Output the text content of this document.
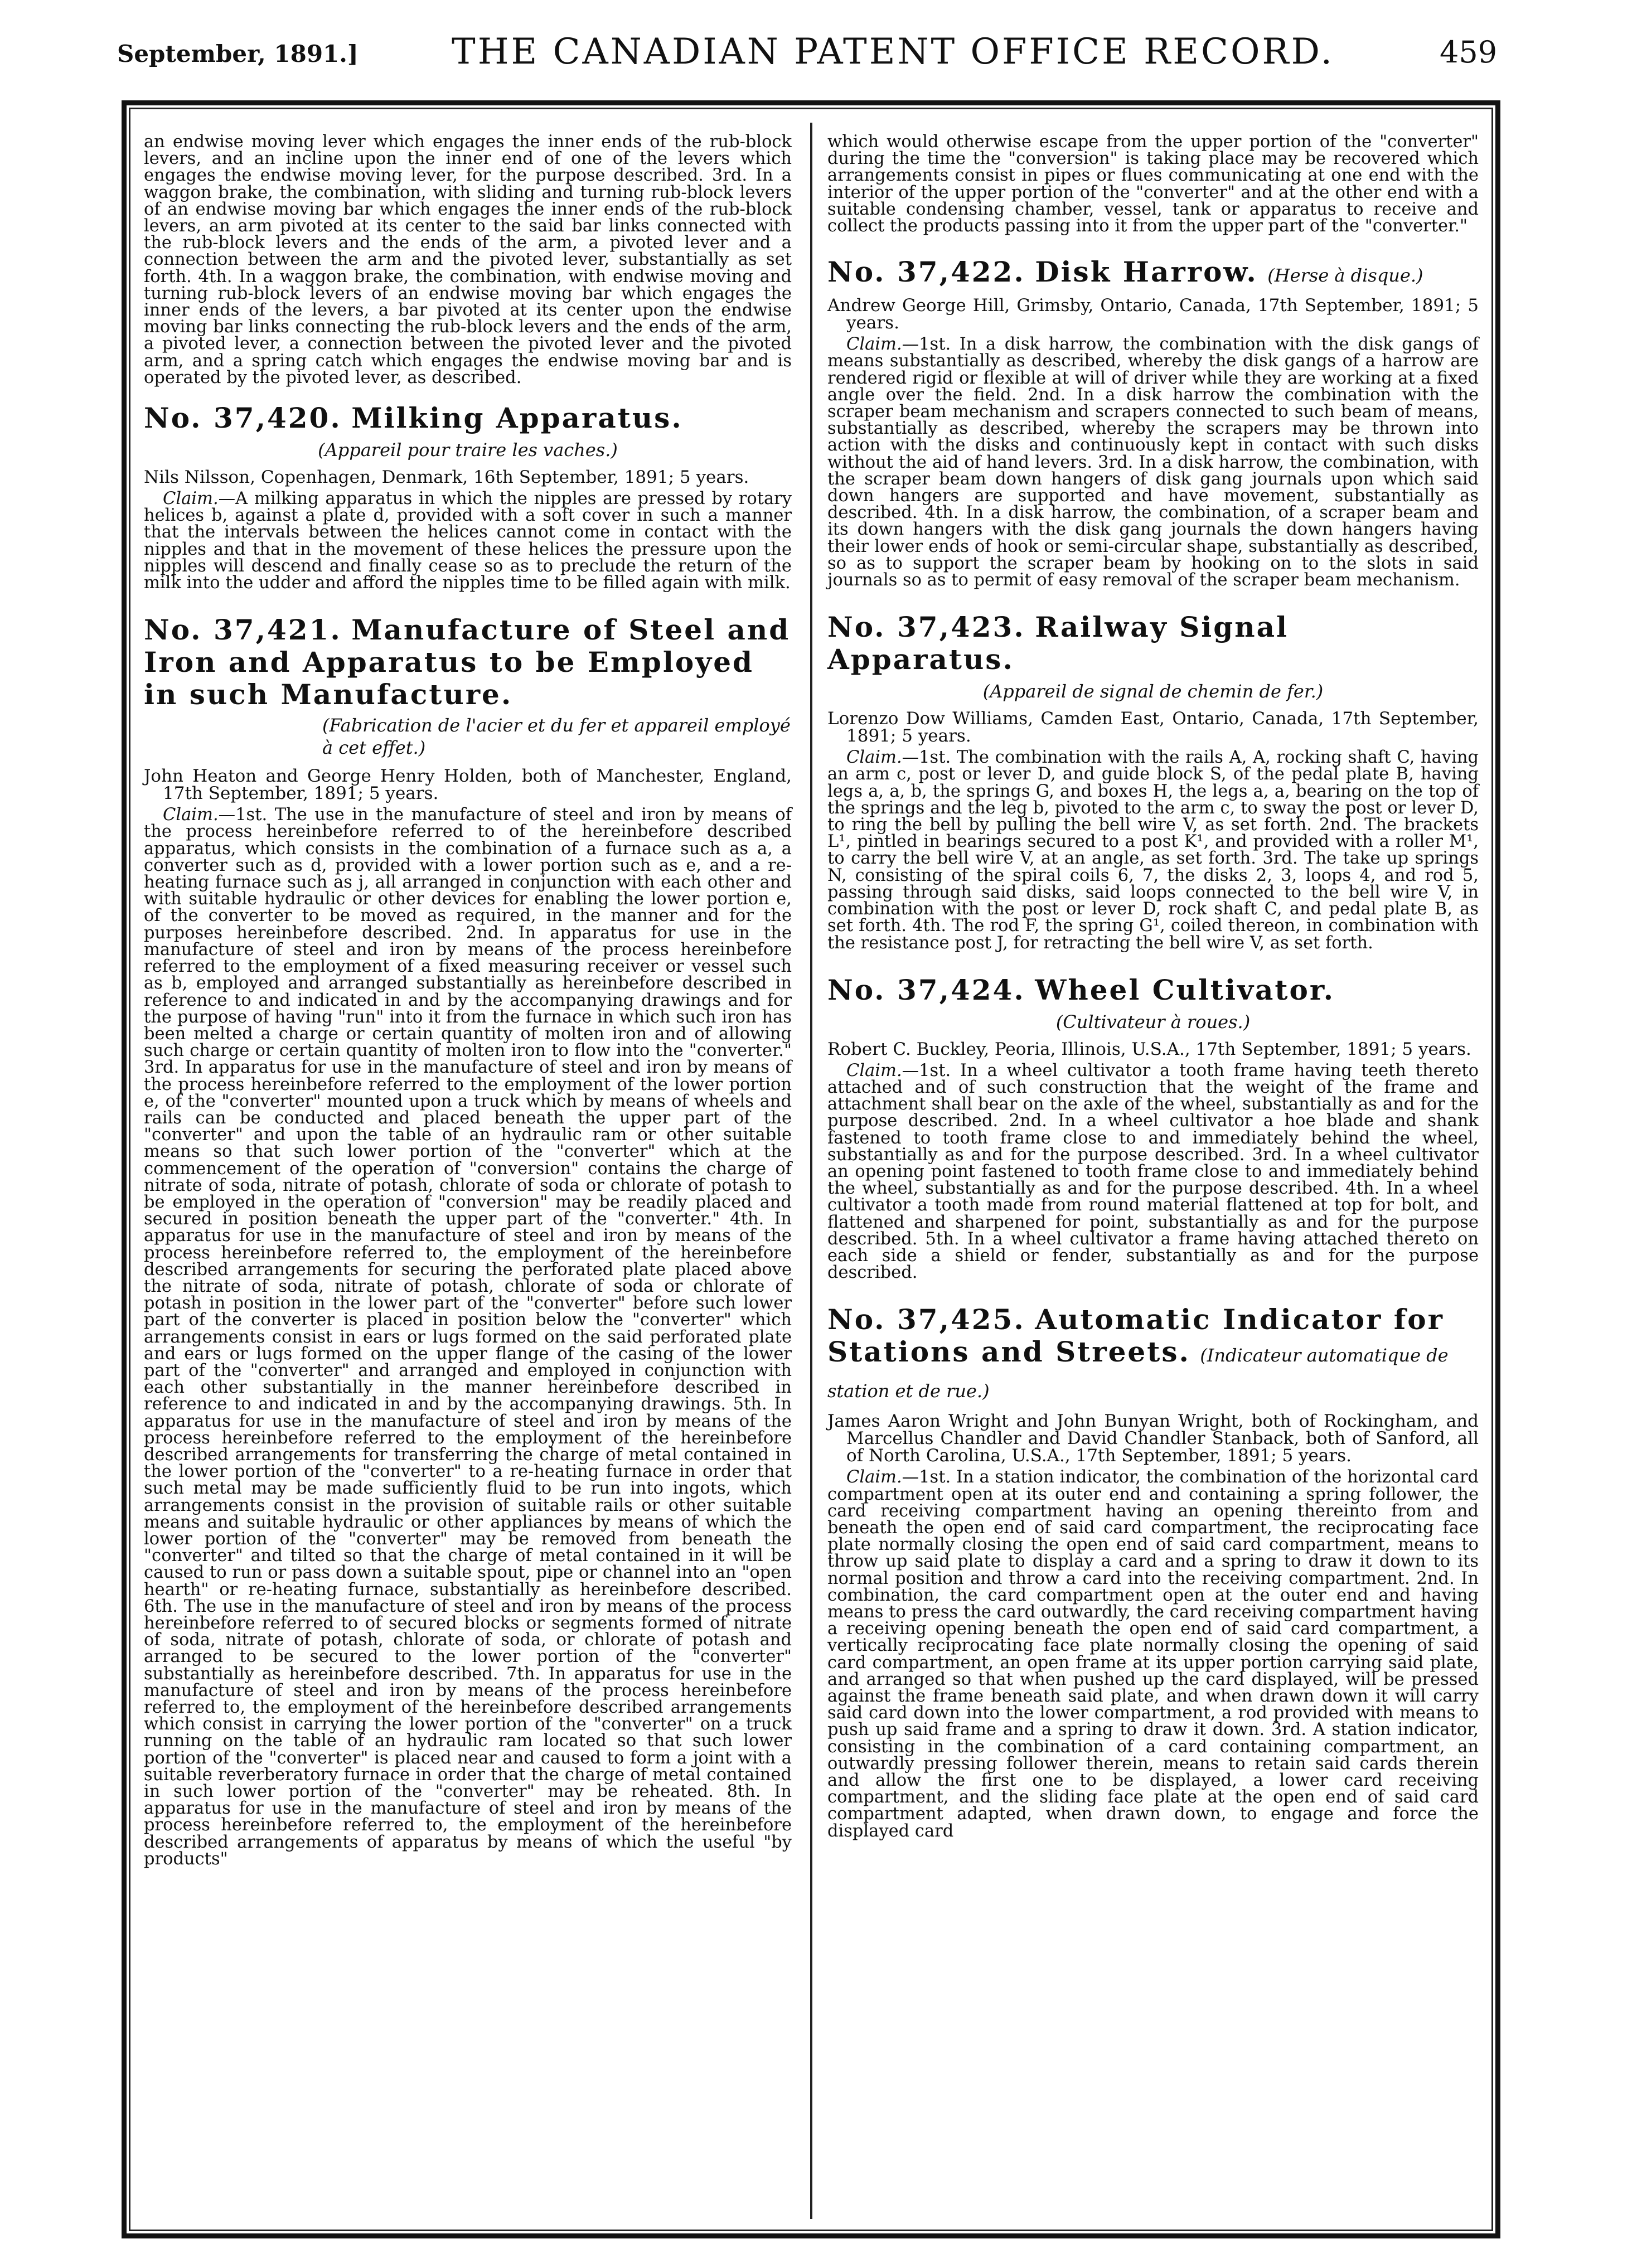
September, 1891.]	THE CANADIAN PATENT OFFICE RECORD.	459

an endwise moving lever which engages the inner ends of the rub-block levers, and an incline upon the inner end of one of the levers which engages the endwise moving lever, for the purpose described. 3rd. In a waggon brake, the combination, with sliding and turning rub-block levers of an endwise moving bar which engages the inner ends of the rub-block levers, an arm pivoted at its center to the said bar links connected with the rub-block levers and the ends of the arm, a pivoted lever and a connection between the arm and the pivoted lever, substantially as set forth. 4th. In a waggon brake, the combination, with endwise moving and turning rub-block levers of an endwise moving bar which engages the inner ends of the levers, a bar pivoted at its center upon the endwise moving bar links connecting the rub-block levers and the ends of the arm, a pivoted lever, a connection between the pivoted lever and the pivoted arm, and a spring catch which engages the endwise moving bar and is operated by the pivoted lever, as described.

No. 37,420. Milking Apparatus.

(Appareil pour traire les vaches.)

Nils Nilsson, Copenhagen, Denmark, 16th September, 1891; 5 years.

Claim.—A milking apparatus in which the nipples are pressed by rotary helices b, against a plate d, provided with a soft cover in such a manner that the intervals between the helices cannot come in contact with the nipples and that in the movement of these helices the pressure upon the nipples will descend and finally cease so as to preclude the return of the milk into the udder and afford the nipples time to be filled again with milk.

No. 37,421. Manufacture of Steel and Iron and Apparatus to be Employed in such Manufacture.

(Fabrication de l'acier et du fer et appareil employé à cet effet.)

John Heaton and George Henry Holden, both of Manchester, England, 17th September, 1891; 5 years.

Claim.—1st. The use in the manufacture of steel and iron by means of the process hereinbefore referred to of the hereinbefore described apparatus, which consists in the combination of a furnace such as a, a converter such as d, provided with a lower portion such as e, and a re-heating furnace such as j, all arranged in conjunction with each other and with suitable hydraulic or other devices for enabling the lower portion e, of the converter to be moved as required, in the manner and for the purposes hereinbefore described. 2nd. In apparatus for use in the manufacture of steel and iron by means of the process hereinbefore referred to the employment of a fixed measuring receiver or vessel such as b, employed and arranged substantially as hereinbefore described in reference to and indicated in and by the accompanying drawings and for the purpose of having "run" into it from the furnace in which such iron has been melted a charge or certain quantity of molten iron and of allowing such charge or certain quantity of molten iron to flow into the "converter." 3rd. In apparatus for use in the manufacture of steel and iron by means of the process hereinbefore referred to the employment of the lower portion e, of the "converter" mounted upon a truck which by means of wheels and rails can be conducted and placed beneath the upper part of the "converter" and upon the table of an hydraulic ram or other suitable means so that such lower portion of the "converter" which at the commencement of the operation of "conversion" contains the charge of nitrate of soda, nitrate of potash, chlorate of soda or chlorate of potash to be employed in the operation of "conversion" may be readily placed and secured in position beneath the upper part of the "converter." 4th. In apparatus for use in the manufacture of steel and iron by means of the process hereinbefore referred to, the employment of the hereinbefore described arrangements for securing the perforated plate placed above the nitrate of soda, nitrate of potash, chlorate of soda or chlorate of potash in position in the lower part of the "converter" before such lower part of the converter is placed in position below the "converter" which arrangements consist in ears or lugs formed on the said perforated plate and ears or lugs formed on the upper flange of the casing of the lower part of the "converter" and arranged and employed in conjunction with each other substantially in the manner hereinbefore described in reference to and indicated in and by the accompanying drawings. 5th. In apparatus for use in the manufacture of steel and iron by means of the process hereinbefore referred to the employment of the hereinbefore described arrangements for transferring the charge of metal contained in the lower portion of the "converter" to a re-heating furnace in order that such metal may be made sufficiently fluid to be run into ingots, which arrangements consist in the provision of suitable rails or other suitable means and suitable hydraulic or other appliances by means of which the lower portion of the "converter" may be removed from beneath the "converter" and tilted so that the charge of metal contained in it will be caused to run or pass down a suitable spout, pipe or channel into an "open hearth" or re-heating furnace, substantially as hereinbefore described. 6th. The use in the manufacture of steel and iron by means of the process hereinbefore referred to of secured blocks or segments formed of nitrate of soda, nitrate of potash, chlorate of soda, or chlorate of potash and arranged to be secured to the lower portion of the "converter" substantially as hereinbefore described. 7th. In apparatus for use in the manufacture of steel and iron by means of the process hereinbefore referred to, the employment of the hereinbefore described arrangements which consist in carrying the lower portion of the "converter" on a truck running on the table of an hydraulic ram located so that such lower portion of the "converter" is placed near and caused to form a joint with a suitable reverberatory furnace in order that the charge of metal contained in such lower portion of the "converter" may be reheated. 8th. In apparatus for use in the manufacture of steel and iron by means of the process hereinbefore referred to, the employment of the hereinbefore described arrangements of apparatus by means of which the useful "by products"

which would otherwise escape from the upper portion of the "converter" during the time the "conversion" is taking place may be recovered which arrangements consist in pipes or flues communicating at one end with the interior of the upper portion of the "converter" and at the other end with a suitable condensing chamber, vessel, tank or apparatus to receive and collect the products passing into it from the upper part of the "converter."

No. 37,422. Disk Harrow. (Herse à disque.)

Andrew George Hill, Grimsby, Ontario, Canada, 17th September, 1891; 5 years.

Claim.—1st. In a disk harrow, the combination with the disk gangs of means substantially as described, whereby the disk gangs of a harrow are rendered rigid or flexible at will of driver while they are working at a fixed angle over the field. 2nd. In a disk harrow the combination with the scraper beam mechanism and scrapers connected to such beam of means, substantially as described, whereby the scrapers may be thrown into action with the disks and continuously kept in contact with such disks without the aid of hand levers. 3rd. In a disk harrow, the combination, with the scraper beam down hangers of disk gang journals upon which said down hangers are supported and have movement, substantially as described. 4th. In a disk harrow, the combination, of a scraper beam and its down hangers with the disk gang journals the down hangers having their lower ends of hook or semi-circular shape, substantially as described, so as to support the scraper beam by hooking on to the slots in said journals so as to permit of easy removal of the scraper beam mechanism.

No. 37,423. Railway Signal Apparatus.

(Appareil de signal de chemin de fer.)

Lorenzo Dow Williams, Camden East, Ontario, Canada, 17th September, 1891; 5 years.

Claim.—1st. The combination with the rails A, A, rocking shaft C, having an arm c, post or lever D, and guide block S, of the pedal plate B, having legs a, a, b, the springs G, and boxes H, the legs a, a, bearing on the top of the springs and the leg b, pivoted to the arm c, to sway the post or lever D, to ring the bell by pulling the bell wire V, as set forth. 2nd. The brackets L¹, pintled in bearings secured to a post K¹, and provided with a roller M¹, to carry the bell wire V, at an angle, as set forth. 3rd. The take up springs N, consisting of the spiral coils 6, 7, the disks 2, 3, loops 4, and rod 5, passing through said disks, said loops connected to the bell wire V, in combination with the post or lever D, rock shaft C, and pedal plate B, as set forth. 4th. The rod F, the spring G¹, coiled thereon, in combination with the resistance post J, for retracting the bell wire V, as set forth.

No. 37,424. Wheel Cultivator.

(Cultivateur à roues.)

Robert C. Buckley, Peoria, Illinois, U.S.A., 17th September, 1891; 5 years.

Claim.—1st. In a wheel cultivator a tooth frame having teeth thereto attached and of such construction that the weight of the frame and attachment shall bear on the axle of the wheel, substantially as and for the purpose described. 2nd. In a wheel cultivator a hoe blade and shank fastened to tooth frame close to and immediately behind the wheel, substantially as and for the purpose described. 3rd. In a wheel cultivator an opening point fastened to tooth frame close to and immediately behind the wheel, substantially as and for the purpose described. 4th. In a wheel cultivator a tooth made from round material flattened at top for bolt, and flattened and sharpened for point, substantially as and for the purpose described. 5th. In a wheel cultivator a frame having attached thereto on each side a shield or fender, substantially as and for the purpose described.

No. 37,425. Automatic Indicator for Stations and Streets. (Indicateur automatique de station et de rue.)

James Aaron Wright and John Bunyan Wright, both of Rockingham, and Marcellus Chandler and David Chandler Stanback, both of Sanford, all of North Carolina, U.S.A., 17th September, 1891; 5 years.

Claim.—1st. In a station indicator, the combination of the horizontal card compartment open at its outer end and containing a spring follower, the card receiving compartment having an opening thereinto from and beneath the open end of said card compartment, the reciprocating face plate normally closing the open end of said card compartment, means to throw up said plate to display a card and a spring to draw it down to its normal position and throw a card into the receiving compartment. 2nd. In combination, the card compartment open at the outer end and having means to press the card outwardly, the card receiving compartment having a receiving opening beneath the open end of said card compartment, a vertically reciprocating face plate normally closing the opening of said card compartment, an open frame at its upper portion carrying said plate, and arranged so that when pushed up the card displayed, will be pressed against the frame beneath said plate, and when drawn down it will carry said card down into the lower compartment, a rod provided with means to push up said frame and a spring to draw it down. 3rd. A station indicator, consisting in the combination of a card containing compartment, an outwardly pressing follower therein, means to retain said cards therein and allow the first one to be displayed, a lower card receiving compartment, and the sliding face plate at the open end of said card compartment adapted, when drawn down, to engage and force the displayed card
